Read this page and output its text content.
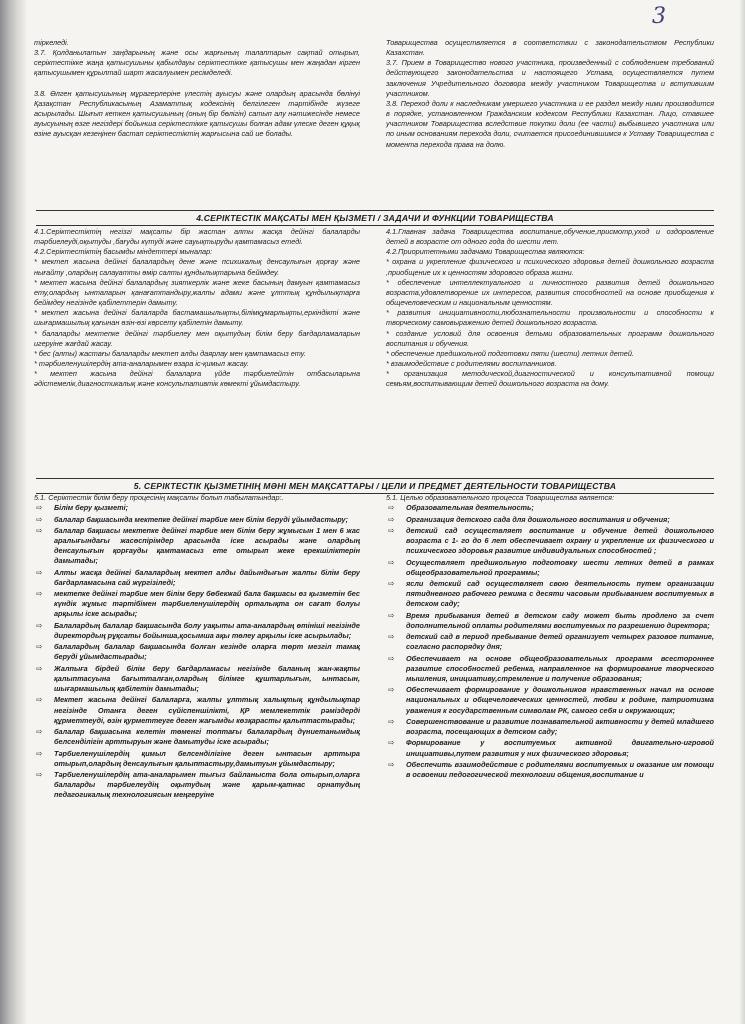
3

тіркеледі.

3.7. Қолданылатын заңдарының және осы жарғының талаптарын сақтай отырып, серіктестікке жаңа қатысушыны қабылдауы серіктестікке қатысушы мен жаңадан кірген қатысушымен құрылтай шарт жасалуымен ресімделеді.

3.8. Өлген қатысушының мұрагерлеріне үлестің ауысуы және олардың арасында бөлінуі Қазақстан Республикасының Азаматтық кодексінің белгілеген тәртібінде жүзеге асырылады. Шығып кеткен қатысушының (оның бір бөлігін) сатып алу нәтижесінде немесе ауысуының өзге негіздері бойынша серіктестікке қатысушы болған адам үлеске деген құқық өзіне ауысқан кезеңінен бастап серіктестіктің жарғысына сай ие болады.

Товарищества осуществляется в соответствии с законодательством Республики Казахстан.

3.7. Прием в Товарищество нового участника, произведенный с соблюдением требований действующего законодательства и настоящего Устава, осуществляется путем заключения Учредительного договора между участником Товарищества и вступившим участником.

3.8. Переход доли к наследникам умершего участника и ее раздел между ними производится в порядке, установленном Гражданским кодексом Республики Казахстан. Лицо, ставшее участником Товарищества вследствие покупки доли (ее части) выбывшего участника или по иным основаниям перехода доли, считается присоединившимся к Уставу Товарищества с момента перехода права на долю.

4.СЕРІКТЕСТІК МАҚСАТЫ МЕН ҚЫЗМЕТІ / ЗАДАЧИ И ФУНКЦИИ ТОВАРИЩЕСТВА

4.1.Серіктестіктің негізгі мақсаты бір жастан алты жасқа дейінгі балаларды тәрбиелеуді,оқытуды ,бағуды күтуді және сауықтыруды қамтамасыз етеді.

4.2.Серіктестіктің басымды міндеттері мыналар:

* мектеп жасына дейінгі балалардың дене және психикалық денсаулығын қорғау және нығайту ,олардың салауатты өмір салты құндылықтарына бейімдеу.

* мектеп жасына дейінгі балалардың зияткерлік және жеке басының дамуын қамтамасыз ету,олардың ынталарын қанағаттандыру,жалпы адами және ұлттық құндылықтарға бейімдеу негізінде қабілеттерін дамыту.

* мектеп жасына дейінгі балаларда бастамашылықты,білімқұмарлықты,еркіндікті және шығармашылық қағынан өзін-өзі көрсету қабілетін дамыту.

* балаларды мектепке дейінгі тәрбиелеу мен оқытудың білім беру бағдарламаларын игеруіне жағдай жасау.

* бес (алты) жастағы балаларды мектеп алды даярлау мен қамтамасыз ету.

* тәрбиеленушілердің ата-аналарымен өзара іс-қимыл жасау.

* мектеп жасына дейінгі балаларға үйде тәрбиелейтін отбасыларына әдістемелік,диагностикалық және консультативтік көмекті ұйымдастыру.

4.1.Главная задача Товарищества воспитание,обучение,присмотр,уход и оздоровление детей в возрасте от одного года до шести лет.

4.2.Приоритетными задачами Товарищества являются:

* охрана и укрепление физического и психического здоровья детей дошкольного возраста ,приобщение их к ценностям здорового образа жизни.

* обеспечение интеллектуального и личностного развития детей дошкольного возраста,удовлетворение их интересов, развития способностей на основе приобщения к общечеловеческим и национальным ценностям.

* развития инициативности,любознательности произвольности и способности к творческому самовыражению детей дошкольного возраста.

* создание условий для освоения детьми образовательных программ дошкольного воспитания и обучения.

* обеспечение предшкольной подготовки пяти (шести) летних детей.

* взаимодействие с родителями воспитанников.

* организация методической,диагностической и консультативной помощи семьям,воспитывающим детей дошкольного возраста на дому.

5. СЕРІКТЕСТІК ҚЫЗМЕТІНІҢ МӘНІ МЕН МАҚСАТТАРЫ / ЦЕЛИ И ПРЕДМЕТ ДЕЯТЕЛЬНОСТИ ТОВАРИЩЕСТВА

5.1. Серіктестік білім беру процесінің мақсаты болып табылатындар:.

⇨ Білім беру қызметі;
⇨ балалар бақшасында мектепке дейінгі тәрбие мен білім беруді ұйымдастыру;
⇨ балалар бақшасы мектепке дейінгі тәрбие мен білім беру жұмысын 1 мен 6 жас аралығындағы жасөспірімдер арасында іске асырады және олардың денсаулығын қорғауды қамтамасыз ете отырып жеке ерекшіліктерін дамытады;
⇨ Алты жасқа дейінгі балалардың мектеп алды дайындығын жалпы білім беру бағдарламасына сай жүргізіледі;
⇨ мектепке дейінгі тәрбие мен білім беру бөбекжай бала бақшасы өз қызметін бес күндік жұмыс тәртібімен тәрбиеленушілердің орталықта он сағат болуы арқылы іске асырады;
⇨ Балалардың балалар бақшасында болу уақыты ата-аналардың өтініші негізінде директордың рұқсаты бойынша,қосымша ақы төлеу арқылы іске асырылады;
⇨ балалардың балалар бақшасында болған кезінде оларға төрт мезгіл тамақ беруді ұйымдастырады;
⇨ Жалпыға бірдей білім беру бағдарламасы негізінде баланың жан-жақты қалыптасуына бағытталған,олардың білімге құштарлығын, ынтасын, шығармашылық қабілетін дамытады;
⇨ Мектеп жасына дейінгі балаларға, жалпы ұлттық халықтық құндылықтар негізінде Отанға деген сүйіспеншілікті, ҚР мемлекеттік рәміздерді құрметтеуді, өзін қурметтеуге деген жағымды көзқарасты қалыптастырады;
⇨ балалар бақшасына келетін төменгі топтағы балалардың дүниетанымдық белсенділігін арттыруын және дамытуды іске асырады;
⇨ Тәрбиеленушілердің қимыл белсенділігіне деген ынтасын арттыра отырып,олардың денсаулығын қалыптастыру,дамытуын ұйымдастыру;
⇨ Тәрбиеленушілердің ата-аналарымен тығыз байланыста бола отырып,оларға балаларды тәрбиелеудің оқытудың және қарым-қатнас орнатудың педагогикалық технологиясын меңгеруіне

5.1. Целью образовательного процесса Товарищества является:

⇨ Образовательная деятельность;
⇨ Организация детского сада для дошкольного воспитания и обучения;
⇨ детский сад осуществляет воспитание и обучение детей дошкольного возраста с 1- го до 6 лет обеспечивает охрану и укрепление их физического и психического здоровья развитие индивидуальных способностей ;
⇨ Осуществляет предшкольную подготовку шести летних детей в рамках общеобразовательной программы;
⇨ ясли детский сад осуществляет свою деятельность путем организации пятидневного рабочего режима с десяти часовым прибыванием воспитуемых в детском саду;
⇨ Время прибывания детей в детском саду может быть продлено за счет дополнительной оплаты родителями воспитуемых по разрешению директора;
⇨ детский сад в период пребывание детей организует четырех разовое питание, согласно распорядку дня;
⇨ Обеспечивает на основе общеобразовательных программ всестороннее развитие способностей ребенка, направленное на формирование творческого мышления, инициативу,стремление и получение образования;
⇨ Обеспечивает формирование у дошкольников нравственных начал на основе национальных и общечеловеческих ценностей, любви к родине, патриотизма уважения к государственным символам РК, самого себя и окружающих;
⇨ Совершенствование и развитие познавательной активности у детей младшего возраста, посещающих в детском саду;
⇨ Формирование у воспитуемых активной двигательно-игровой инициативы,путем развития у них физического здоровья;
⇨ Обеспечить взаимодействие с родителями воспитуемых и оказание им помощи в освоении педогогической технологии общения,воспитание и
